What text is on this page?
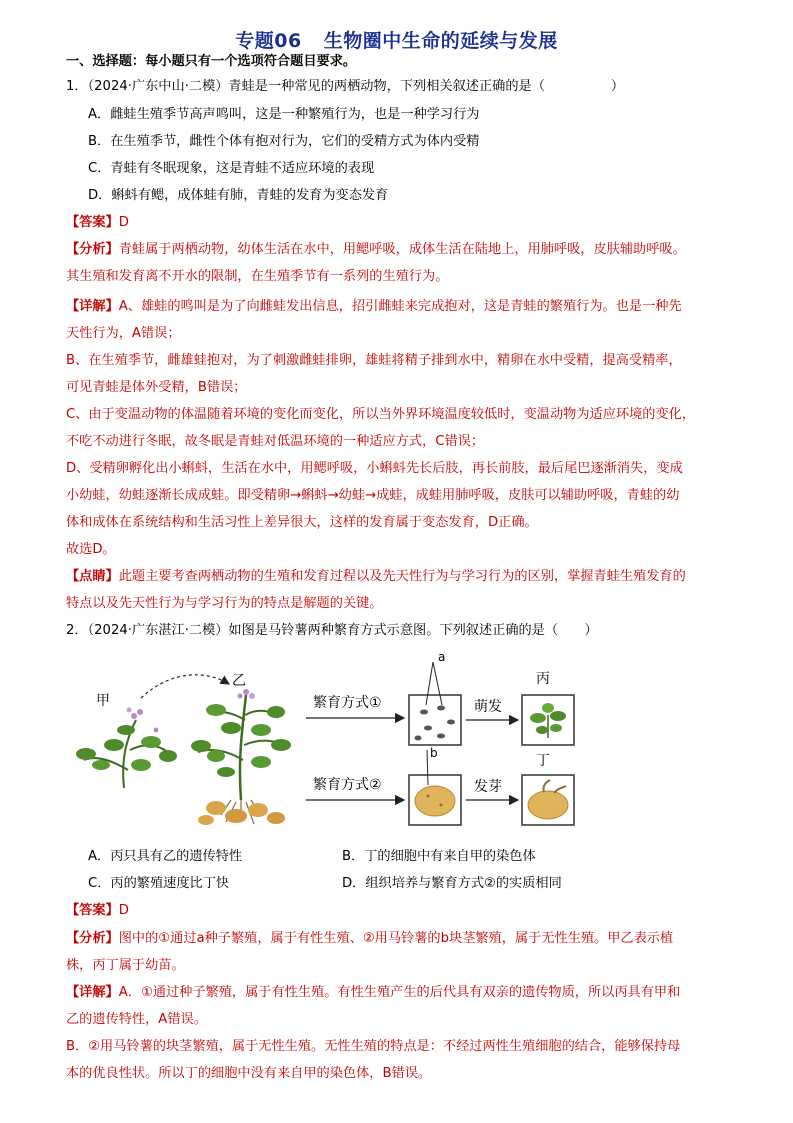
专题06 生物圈中生命的延续与发展
一、选择题：每小题只有一个选项符合题目要求。
1．（2024·广东中山·二模）青蛙是一种常见的两栖动物，下列相关叙述正确的是（　　　　　）
A．雌蛙生殖季节高声鸣叫，这是一种繁殖行为，也是一种学习行为
B．在生殖季节，雌性个体有抱对行为，它们的受精方式为体内受精
C．青蛙有冬眠现象，这是青蛙不适应环境的表现
D．蝌蚪有鳃，成体蛙有肺，青蛙的发育为变态发育
【答案】D
【分析】青蛙属于两栖动物，幼体生活在水中，用鳃呼吸，成体生活在陆地上，用肺呼吸，皮肤辅助呼吸。
其生殖和发育离不开水的限制，在生殖季节有一系列的生殖行为。
【详解】A、雄蛙的鸣叫是为了向雌蛙发出信息，招引雌蛙来完成抱对，这是青蛙的繁殖行为。也是一种先
天性行为，A错误；
B、在生殖季节，雌雄蛙抱对，为了刺激雌蛙排卵，雄蛙将精子排到水中，精卵在水中受精，提高受精率，
可见青蛙是体外受精，B错误；
C、由于变温动物的体温随着环境的变化而变化，所以当外界环境温度较低时，变温动物为适应环境的变化，
不吃不动进行冬眠，故冬眠是青蛙对低温环境的一种适应方式，C错误；
D、受精卵孵化出小蝌蚪，生活在水中，用鳃呼吸，小蝌蚪先长后肢，再长前肢，最后尾巴逐渐消失，变成
小幼蛙，幼蛙逐渐长成成蛙。即受精卵→蝌蚪→幼蛙→成蛙，成蛙用肺呼吸，皮肤可以辅助呼吸，青蛙的幼
体和成体在系统结构和生活习性上差异很大，这样的发育属于变态发育，D正确。
故选D。
【点睛】此题主要考查两栖动物的生殖和发育过程以及先天性行为与学习行为的区别，掌握青蛙生殖发育的
特点以及先天性行为与学习行为的特点是解题的关键。
2．（2024·广东湛江·二模）如图是马铃薯两种繁育方式示意图。下列叙述正确的是（　　）
甲
乙
繁育方式①
繁育方式②
a
b
萌发
发芽
丙
丁
A．丙只具有乙的遗传特性	B．丁的细胞中有来自甲的染色体
C．丙的繁殖速度比丁快	D．组织培养与繁育方式②的实质相同
【答案】D
【分析】图中的①通过a种子繁殖，属于有性生殖、②用马铃薯的b块茎繁殖，属于无性生殖。甲乙表示植
株，丙丁属于幼苗。
【详解】A．①通过种子繁殖，属于有性生殖。有性生殖产生的后代具有双亲的遗传物质，所以丙具有甲和
乙的遗传特性，A错误。
B．②用马铃薯的块茎繁殖，属于无性生殖。无性生殖的特点是：不经过两性生殖细胞的结合，能够保持母
本的优良性状。所以丁的细胞中没有来自甲的染色体，B错误。
